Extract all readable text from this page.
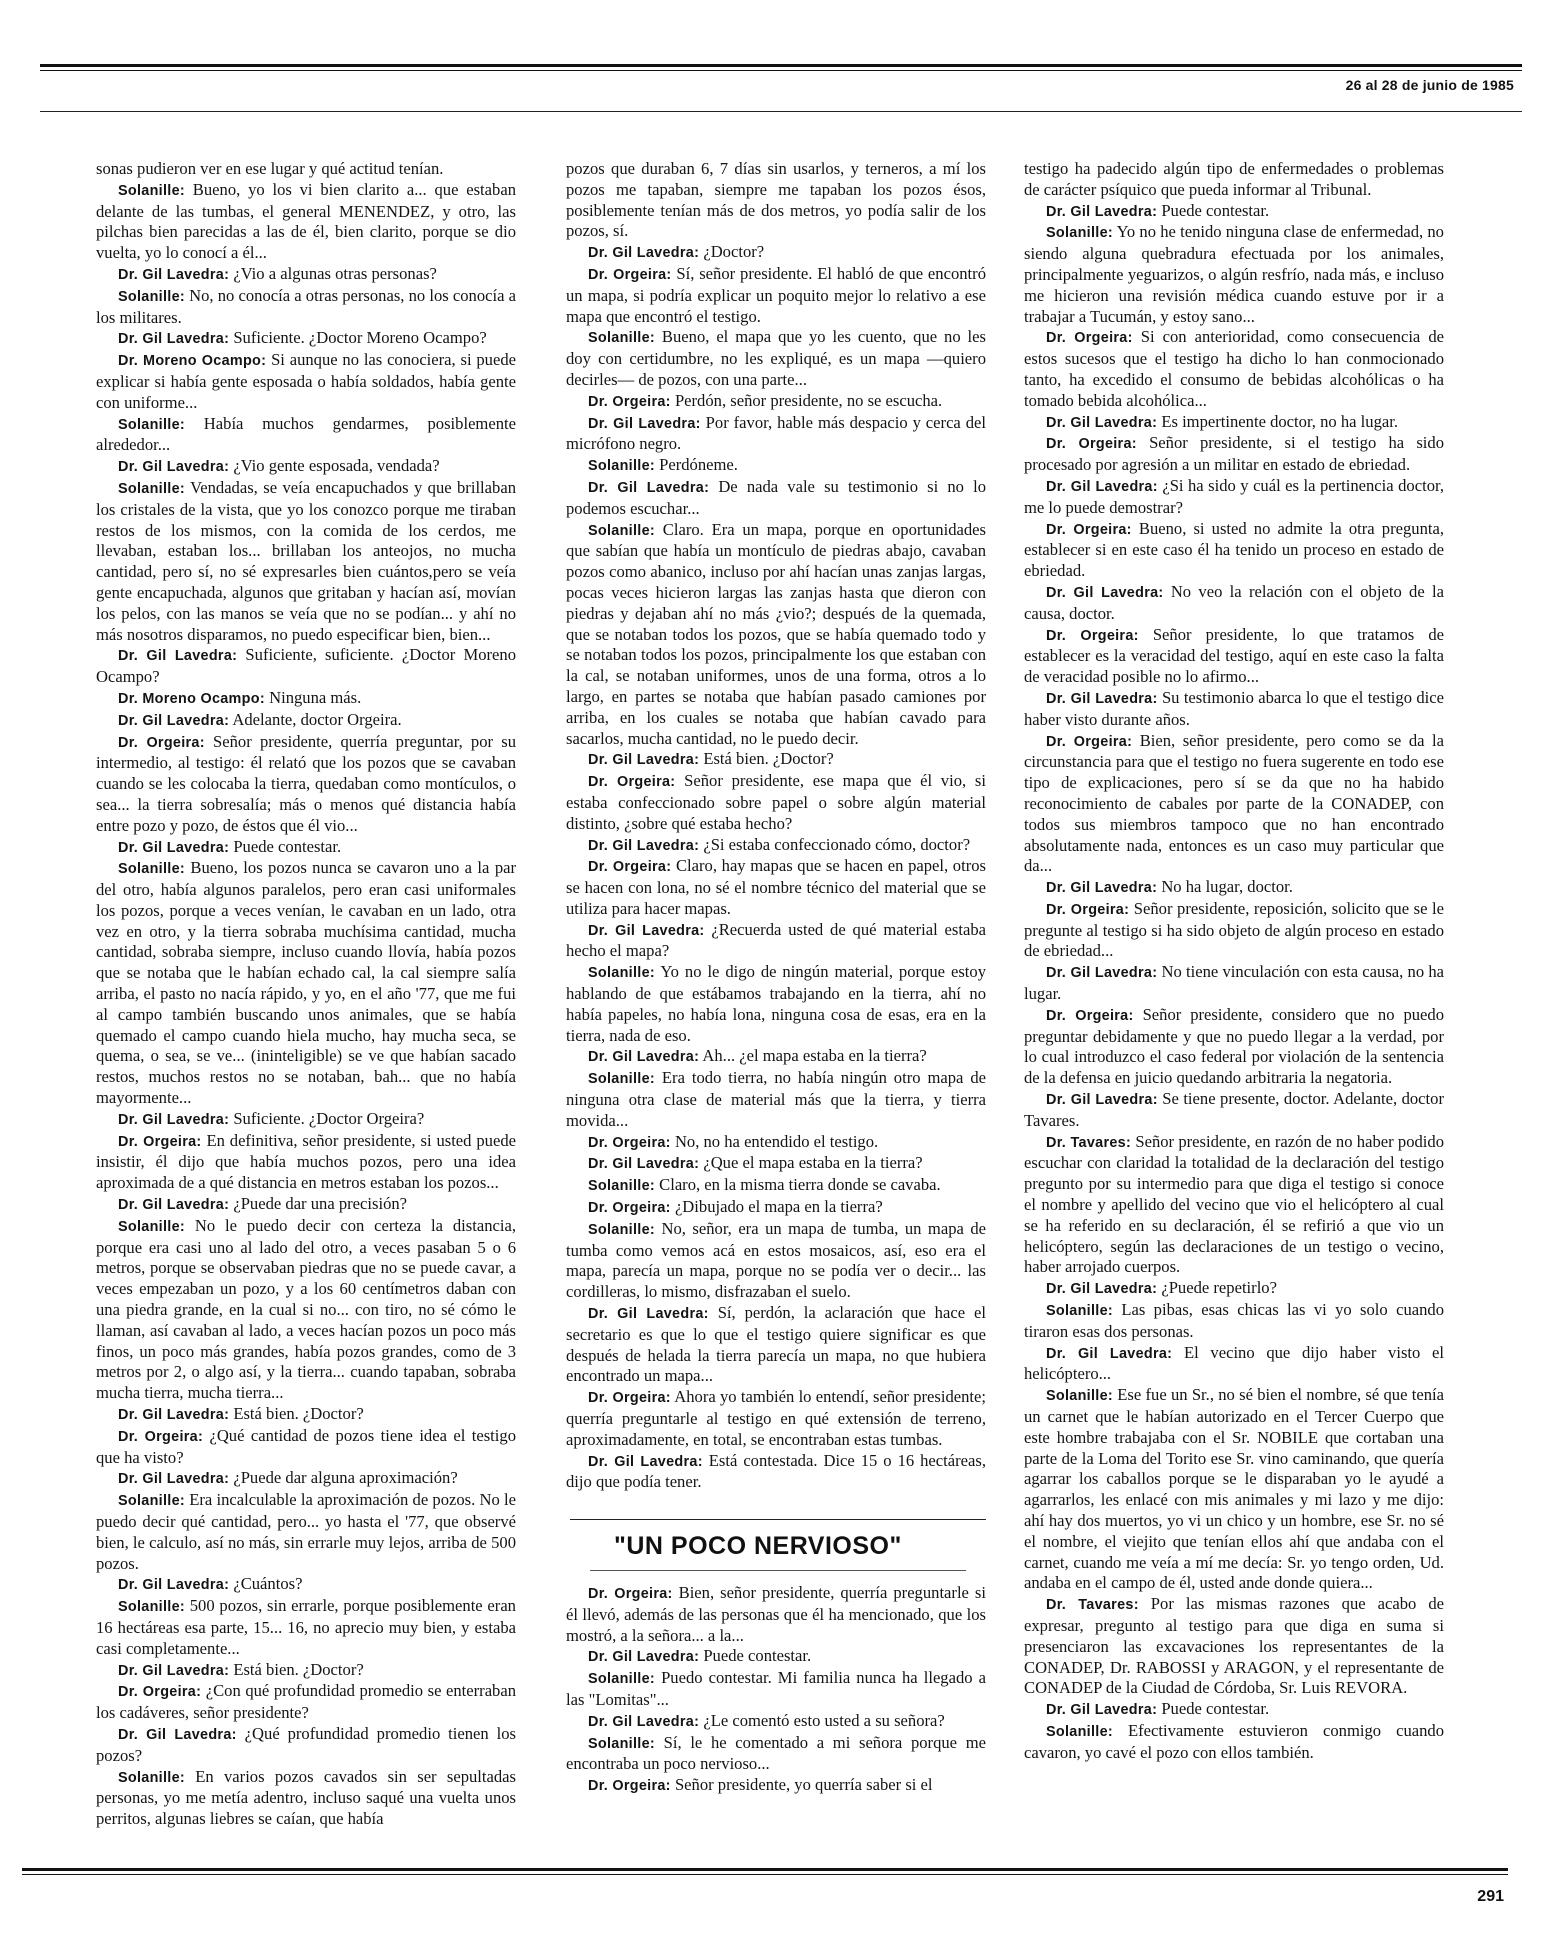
26 al 28 de junio de 1985

sonas pudieron ver en ese lugar y qué actitud tenían.

Solanille: Bueno, yo los vi bien clarito a... que estaban delante de las tumbas, el general MENENDEZ, y otro, las pilchas bien parecidas a las de él, bien clarito, porque se dio vuelta, yo lo conocí a él...

Dr. Gil Lavedra: ¿Vio a algunas otras personas?

Solanille: No, no conocía a otras personas, no los conocía a los militares.

Dr. Gil Lavedra: Suficiente. ¿Doctor Moreno Ocampo?

Dr. Moreno Ocampo: Si aunque no las conociera, si puede explicar si había gente esposada o había soldados, había gente con uniforme...

Solanille: Había muchos gendarmes, posiblemente alrededor...

Dr. Gil Lavedra: ¿Vio gente esposada, vendada?

Solanille: Vendadas, se veía encapuchados y que brillaban los cristales de la vista, que yo los conozco porque me tiraban restos de los mismos, con la comida de los cerdos, me llevaban, estaban los... brillaban los anteojos, no mucha cantidad, pero sí, no sé expresarles bien cuántos,pero se veía gente encapuchada, algunos que gritaban y hacían así, movían los pelos, con las manos se veía que no se podían... y ahí no más nosotros disparamos, no puedo especificar bien, bien...

Dr. Gil Lavedra: Suficiente, suficiente. ¿Doctor Moreno Ocampo?

Dr. Moreno Ocampo: Ninguna más.

Dr. Gil Lavedra: Adelante, doctor Orgeira.

Dr. Orgeira: Señor presidente, querría preguntar, por su intermedio, al testigo: él relató que los pozos que se cavaban cuando se les colocaba la tierra, quedaban como montículos, o sea... la tierra sobresalía; más o menos qué distancia había entre pozo y pozo, de éstos que él vio...

Dr. Gil Lavedra: Puede contestar.

Solanille: Bueno, los pozos nunca se cavaron uno a la par del otro, había algunos paralelos, pero eran casi uniformales los pozos, porque a veces venían, le cavaban en un lado, otra vez en otro, y la tierra sobraba muchísima cantidad, mucha cantidad, sobraba siempre, incluso cuando llovía, había pozos que se notaba que le habían echado cal, la cal siempre salía arriba, el pasto no nacía rápido, y yo, en el año '77, que me fui al campo también buscando unos animales, que se había quemado el campo cuando hiela mucho, hay mucha seca, se quema, o sea, se ve... (ininteligible) se ve que habían sacado restos, muchos restos no se notaban, bah... que no había mayormente...

Dr. Gil Lavedra: Suficiente. ¿Doctor Orgeira?

Dr. Orgeira: En definitiva, señor presidente, si usted puede insistir, él dijo que había muchos pozos, pero una idea aproximada de a qué distancia en metros estaban los pozos...

Dr. Gil Lavedra: ¿Puede dar una precisión?

Solanille: No le puedo decir con certeza la distancia, porque era casi uno al lado del otro, a veces pasaban 5 o 6 metros, porque se observaban piedras que no se puede cavar, a veces empezaban un pozo, y a los 60 centímetros daban con una piedra grande, en la cual si no... con tiro, no sé cómo le llaman, así cavaban al lado, a veces hacían pozos un poco más finos, un poco más grandes, había pozos grandes, como de 3 metros por 2, o algo así, y la tierra... cuando tapaban, sobraba mucha tierra, mucha tierra...

Dr. Gil Lavedra: Está bien. ¿Doctor?

Dr. Orgeira: ¿Qué cantidad de pozos tiene idea el testigo que ha visto?

Dr. Gil Lavedra: ¿Puede dar alguna aproximación?

Solanille: Era incalculable la aproximación de pozos. No le puedo decir qué cantidad, pero... yo hasta el '77, que observé bien, le calculo, así no más, sin errarle muy lejos, arriba de 500 pozos.

Dr. Gil Lavedra: ¿Cuántos?

Solanille: 500 pozos, sin errarle, porque posiblemente eran 16 hectáreas esa parte, 15... 16, no aprecio muy bien, y estaba casi completamente...

Dr. Gil Lavedra: Está bien. ¿Doctor?

Dr. Orgeira: ¿Con qué profundidad promedio se enterraban los cadáveres, señor presidente?

Dr. Gil Lavedra: ¿Qué profundidad promedio tienen los pozos?

Solanille: En varios pozos cavados sin ser sepultadas personas, yo me metía adentro, incluso saqué una vuelta unos perritos, algunas liebres se caían, que había

pozos que duraban 6, 7 días sin usarlos, y terneros, a mí los pozos me tapaban, siempre me tapaban los pozos ésos, posiblemente tenían más de dos metros, yo podía salir de los pozos, sí.

Dr. Gil Lavedra: ¿Doctor?

Dr. Orgeira: Sí, señor presidente. El habló de que encontró un mapa, si podría explicar un poquito mejor lo relativo a ese mapa que encontró el testigo.

Solanille: Bueno, el mapa que yo les cuento, que no les doy con certidumbre, no les expliqué, es un mapa —quiero decirles— de pozos, con una parte...

Dr. Orgeira: Perdón, señor presidente, no se escucha.

Dr. Gil Lavedra: Por favor, hable más despacio y cerca del micrófono negro.

Solanille: Perdóneme.

Dr. Gil Lavedra: De nada vale su testimonio si no lo podemos escuchar...

Solanille: Claro. Era un mapa, porque en oportunidades que sabían que había un montículo de piedras abajo, cavaban pozos como abanico, incluso por ahí hacían unas zanjas largas, pocas veces hicieron largas las zanjas hasta que dieron con piedras y dejaban ahí no más ¿vio?; después de la quemada, que se notaban todos los pozos, que se había quemado todo y se notaban todos los pozos, principalmente los que estaban con la cal, se notaban uniformes, unos de una forma, otros a lo largo, en partes se notaba que habían pasado camiones por arriba, en los cuales se notaba que habían cavado para sacarlos, mucha cantidad, no le puedo decir.

Dr. Gil Lavedra: Está bien. ¿Doctor?

Dr. Orgeira: Señor presidente, ese mapa que él vio, si estaba confeccionado sobre papel o sobre algún material distinto, ¿sobre qué estaba hecho?

Dr. Gil Lavedra: ¿Si estaba confeccionado cómo, doctor?

Dr. Orgeira: Claro, hay mapas que se hacen en papel, otros se hacen con lona, no sé el nombre técnico del material que se utiliza para hacer mapas.

Dr. Gil Lavedra: ¿Recuerda usted de qué material estaba hecho el mapa?

Solanille: Yo no le digo de ningún material, porque estoy hablando de que estábamos trabajando en la tierra, ahí no había papeles, no había lona, ninguna cosa de esas, era en la tierra, nada de eso.

Dr. Gil Lavedra: Ah... ¿el mapa estaba en la tierra?

Solanille: Era todo tierra, no había ningún otro mapa de ninguna otra clase de material más que la tierra, y tierra movida...

Dr. Orgeira: No, no ha entendido el testigo.

Dr. Gil Lavedra: ¿Que el mapa estaba en la tierra?

Solanille: Claro, en la misma tierra donde se cavaba.

Dr. Orgeira: ¿Dibujado el mapa en la tierra?

Solanille: No, señor, era un mapa de tumba, un mapa de tumba como vemos acá en estos mosaicos, así, eso era el mapa, parecía un mapa, porque no se podía ver o decir... las cordilleras, lo mismo, disfrazaban el suelo.

Dr. Gil Lavedra: Sí, perdón, la aclaración que hace el secretario es que lo que el testigo quiere significar es que después de helada la tierra parecía un mapa, no que hubiera encontrado un mapa...

Dr. Orgeira: Ahora yo también lo entendí, señor presidente; querría preguntarle al testigo en qué extensión de terreno, aproximadamente, en total, se encontraban estas tumbas.

Dr. Gil Lavedra: Está contestada. Dice 15 o 16 hectáreas, dijo que podía tener.

"UN POCO NERVIOSO"

Dr. Orgeira: Bien, señor presidente, querría preguntarle si él llevó, además de las personas que él ha mencionado, que los mostró, a la señora... a la...

Dr. Gil Lavedra: Puede contestar.

Solanille: Puedo contestar. Mi familia nunca ha llegado a las "Lomitas"...

Dr. Gil Lavedra: ¿Le comentó esto usted a su señora?

Solanille: Sí, le he comentado a mi señora porque me encontraba un poco nervioso...

Dr. Orgeira: Señor presidente, yo querría saber si el

testigo ha padecido algún tipo de enfermedades o problemas de carácter psíquico que pueda informar al Tribunal.

Dr. Gil Lavedra: Puede contestar.

Solanille: Yo no he tenido ninguna clase de enfermedad, no siendo alguna quebradura efectuada por los animales, principalmente yeguarizos, o algún resfrío, nada más, e incluso me hicieron una revisión médica cuando estuve por ir a trabajar a Tucumán, y estoy sano...

Dr. Orgeira: Si con anterioridad, como consecuencia de estos sucesos que el testigo ha dicho lo han conmocionado tanto, ha excedido el consumo de bebidas alcohólicas o ha tomado bebida alcohólica...

Dr. Gil Lavedra: Es impertinente doctor, no ha lugar.

Dr. Orgeira: Señor presidente, si el testigo ha sido procesado por agresión a un militar en estado de ebriedad.

Dr. Gil Lavedra: ¿Si ha sido y cuál es la pertinencia doctor, me lo puede demostrar?

Dr. Orgeira: Bueno, si usted no admite la otra pregunta, establecer si en este caso él ha tenido un proceso en estado de ebriedad.

Dr. Gil Lavedra: No veo la relación con el objeto de la causa, doctor.

Dr. Orgeira: Señor presidente, lo que tratamos de establecer es la veracidad del testigo, aquí en este caso la falta de veracidad posible no lo afirmo...

Dr. Gil Lavedra: Su testimonio abarca lo que el testigo dice haber visto durante años.

Dr. Orgeira: Bien, señor presidente, pero como se da la circunstancia para que el testigo no fuera sugerente en todo ese tipo de explicaciones, pero sí se da que no ha habido reconocimiento de cabales por parte de la CONADEP, con todos sus miembros tampoco que no han encontrado absolutamente nada, entonces es un caso muy particular que da...

Dr. Gil Lavedra: No ha lugar, doctor.

Dr. Orgeira: Señor presidente, reposición, solicito que se le pregunte al testigo si ha sido objeto de algún proceso en estado de ebriedad...

Dr. Gil Lavedra: No tiene vinculación con esta causa, no ha lugar.

Dr. Orgeira: Señor presidente, considero que no puedo preguntar debidamente y que no puedo llegar a la verdad, por lo cual introduzco el caso federal por violación de la sentencia de la defensa en juicio quedando arbitraria la negatoria.

Dr. Gil Lavedra: Se tiene presente, doctor. Adelante, doctor Tavares.

Dr. Tavares: Señor presidente, en razón de no haber podido escuchar con claridad la totalidad de la declaración del testigo pregunto por su intermedio para que diga el testigo si conoce el nombre y apellido del vecino que vio el helicóptero al cual se ha referido en su declaración, él se refirió a que vio un helicóptero, según las declaraciones de un testigo o vecino, haber arrojado cuerpos.

Dr. Gil Lavedra: ¿Puede repetirlo?

Solanille: Las pibas, esas chicas las vi yo solo cuando tiraron esas dos personas.

Dr. Gil Lavedra: El vecino que dijo haber visto el helicóptero...

Solanille: Ese fue un Sr., no sé bien el nombre, sé que tenía un carnet que le habían autorizado en el Tercer Cuerpo que este hombre trabajaba con el Sr. NOBILE que cortaban una parte de la Loma del Torito ese Sr. vino caminando, que quería agarrar los caballos porque se le disparaban yo le ayudé a agarrarlos, les enlacé con mis animales y mi lazo y me dijo: ahí hay dos muertos, yo vi un chico y un hombre, ese Sr. no sé el nombre, el viejito que tenían ellos ahí que andaba con el carnet, cuando me veía a mí me decía: Sr. yo tengo orden, Ud. andaba en el campo de él, usted ande donde quiera...

Dr. Tavares: Por las mismas razones que acabo de expresar, pregunto al testigo para que diga en suma si presenciaron las excavaciones los representantes de la CONADEP, Dr. RABOSSI y ARAGON, y el representante de CONADEP de la Ciudad de Córdoba, Sr. Luis REVORA.

Dr. Gil Lavedra: Puede contestar.

Solanille: Efectivamente estuvieron conmigo cuando cavaron, yo cavé el pozo con ellos también.

291
